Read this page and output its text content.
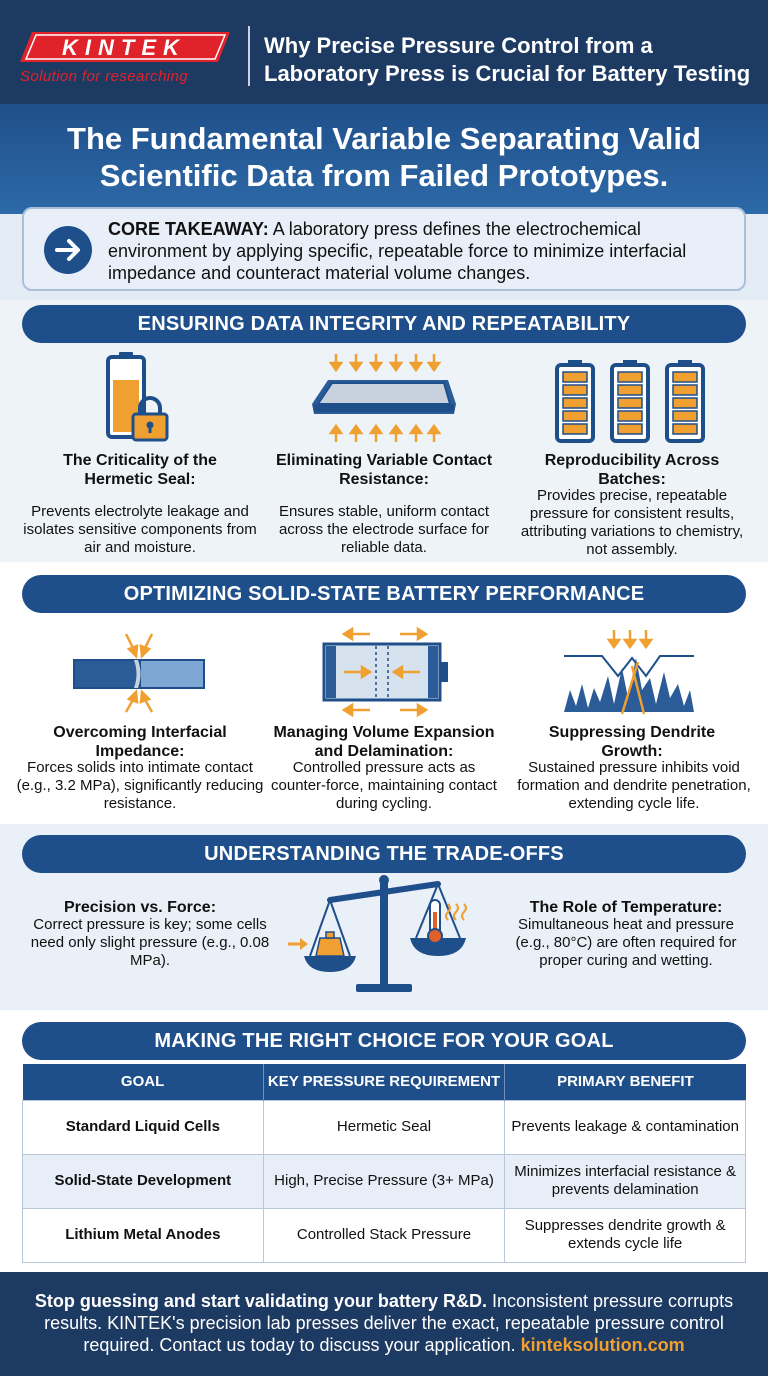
KINTEK
Solution for researching
Why Precise Pressure Control from a Laboratory Press is Crucial for Battery Testing
The Fundamental Variable Separating Valid Scientific Data from Failed Prototypes.
CORE TAKEAWAY: A laboratory press defines the electrochemical environment by applying specific, repeatable force to minimize interfacial impedance and counteract material volume changes.
ENSURING DATA INTEGRITY AND REPEATABILITY
The Criticality of the Hermetic Seal:
Prevents electrolyte leakage and isolates sensitive components from air and moisture.
Eliminating Variable Contact Resistance:
Ensures stable, uniform contact across the electrode surface for reliable data.
Reproducibility Across Batches:
Provides precise, repeatable pressure for consistent results, attributing variations to chemistry, not assembly.
OPTIMIZING SOLID-STATE BATTERY PERFORMANCE
Overcoming Interfacial Impedance:
Forces solids into intimate contact (e.g., 3.2 MPa), significantly reducing resistance.
Managing Volume Expansion and Delamination:
Controlled pressure acts as counter-force, maintaining contact during cycling.
Suppressing Dendrite Growth:
Sustained pressure inhibits void formation and dendrite penetration, extending cycle life.
UNDERSTANDING THE TRADE-OFFS
Precision vs. Force:
Correct pressure is key; some cells need only slight pressure (e.g., 0.08 MPa).
The Role of Temperature:
Simultaneous heat and pressure (e.g., 80°C) are often required for proper curing and wetting.
MAKING THE RIGHT CHOICE FOR YOUR GOAL
GOAL	KEY PRESSURE REQUIREMENT	PRIMARY BENEFIT
Standard Liquid Cells	Hermetic Seal	Prevents leakage & contamination
Solid-State Development	High, Precise Pressure (3+ MPa)	Minimizes interfacial resistance & prevents delamination
Lithium Metal Anodes	Controlled Stack Pressure	Suppresses dendrite growth & extends cycle life
Stop guessing and start validating your battery R&D. Inconsistent pressure corrupts results. KINTEK's precision lab presses deliver the exact, repeatable pressure control required. Contact us today to discuss your application. kinteksolution.com
